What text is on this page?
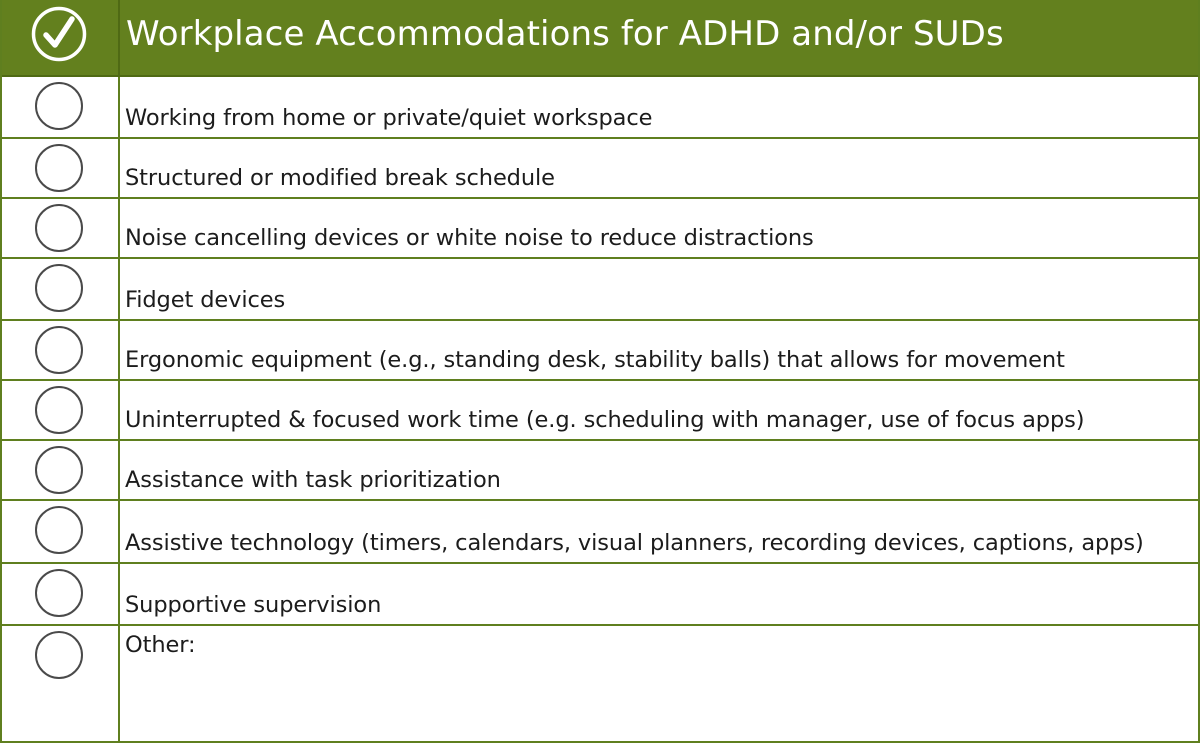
Workplace Accommodations for ADHD and/or SUDs
Working from home or private/quiet workspace
Structured or modified break schedule
Noise cancelling devices or white noise to reduce distractions
Fidget devices
Ergonomic equipment (e.g., standing desk, stability balls) that allows for movement
Uninterrupted & focused work time (e.g. scheduling with manager, use of focus apps)
Assistance with task prioritization
Assistive technology (timers, calendars, visual planners, recording devices, captions, apps)
Supportive supervision
Other:
